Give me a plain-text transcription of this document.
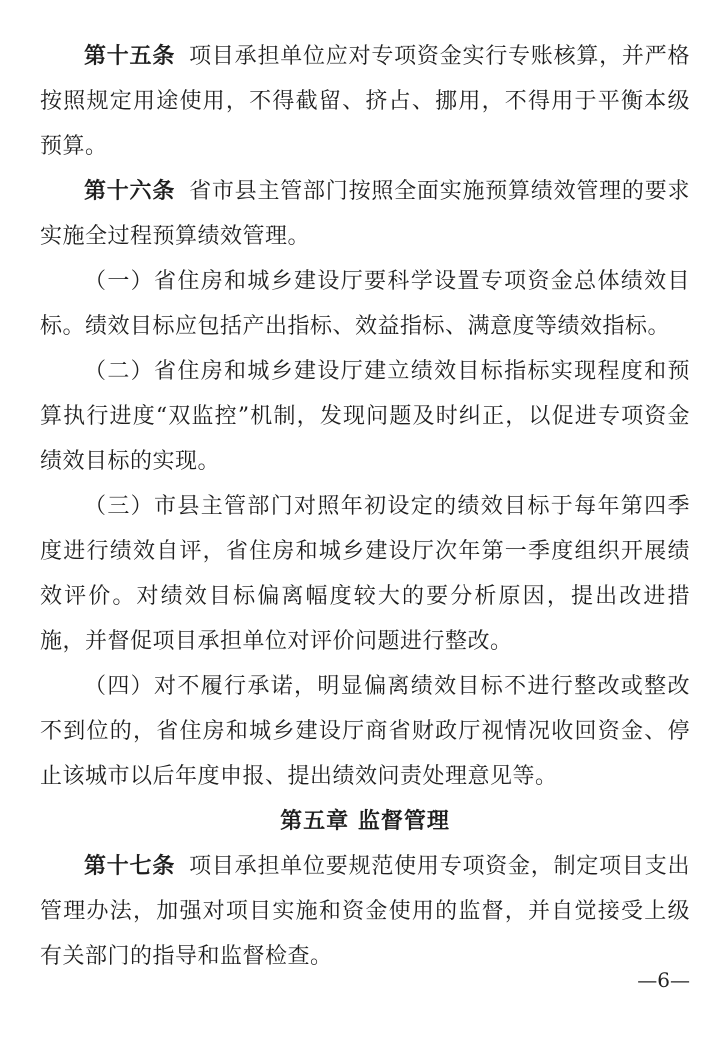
第十五条 项目承担单位应对专项资金实行专账核算，并严格按照规定用途使用，不得截留、挤占、挪用，不得用于平衡本级预算。

第十六条 省市县主管部门按照全面实施预算绩效管理的要求实施全过程预算绩效管理。

（一）省住房和城乡建设厅要科学设置专项资金总体绩效目标。绩效目标应包括产出指标、效益指标、满意度等绩效指标。

（二）省住房和城乡建设厅建立绩效目标指标实现程度和预算执行进度“双监控”机制，发现问题及时纠正，以促进专项资金绩效目标的实现。

（三）市县主管部门对照年初设定的绩效目标于每年第四季度进行绩效自评，省住房和城乡建设厅次年第一季度组织开展绩效评价。对绩效目标偏离幅度较大的要分析原因，提出改进措施，并督促项目承担单位对评价问题进行整改。

（四）对不履行承诺，明显偏离绩效目标不进行整改或整改不到位的，省住房和城乡建设厅商省财政厅视情况收回资金、停止该城市以后年度申报、提出绩效问责处理意见等。

第五章 监督管理

第十七条 项目承担单位要规范使用专项资金，制定项目支出管理办法，加强对项目实施和资金使用的监督，并自觉接受上级有关部门的指导和监督检查。

—6—
